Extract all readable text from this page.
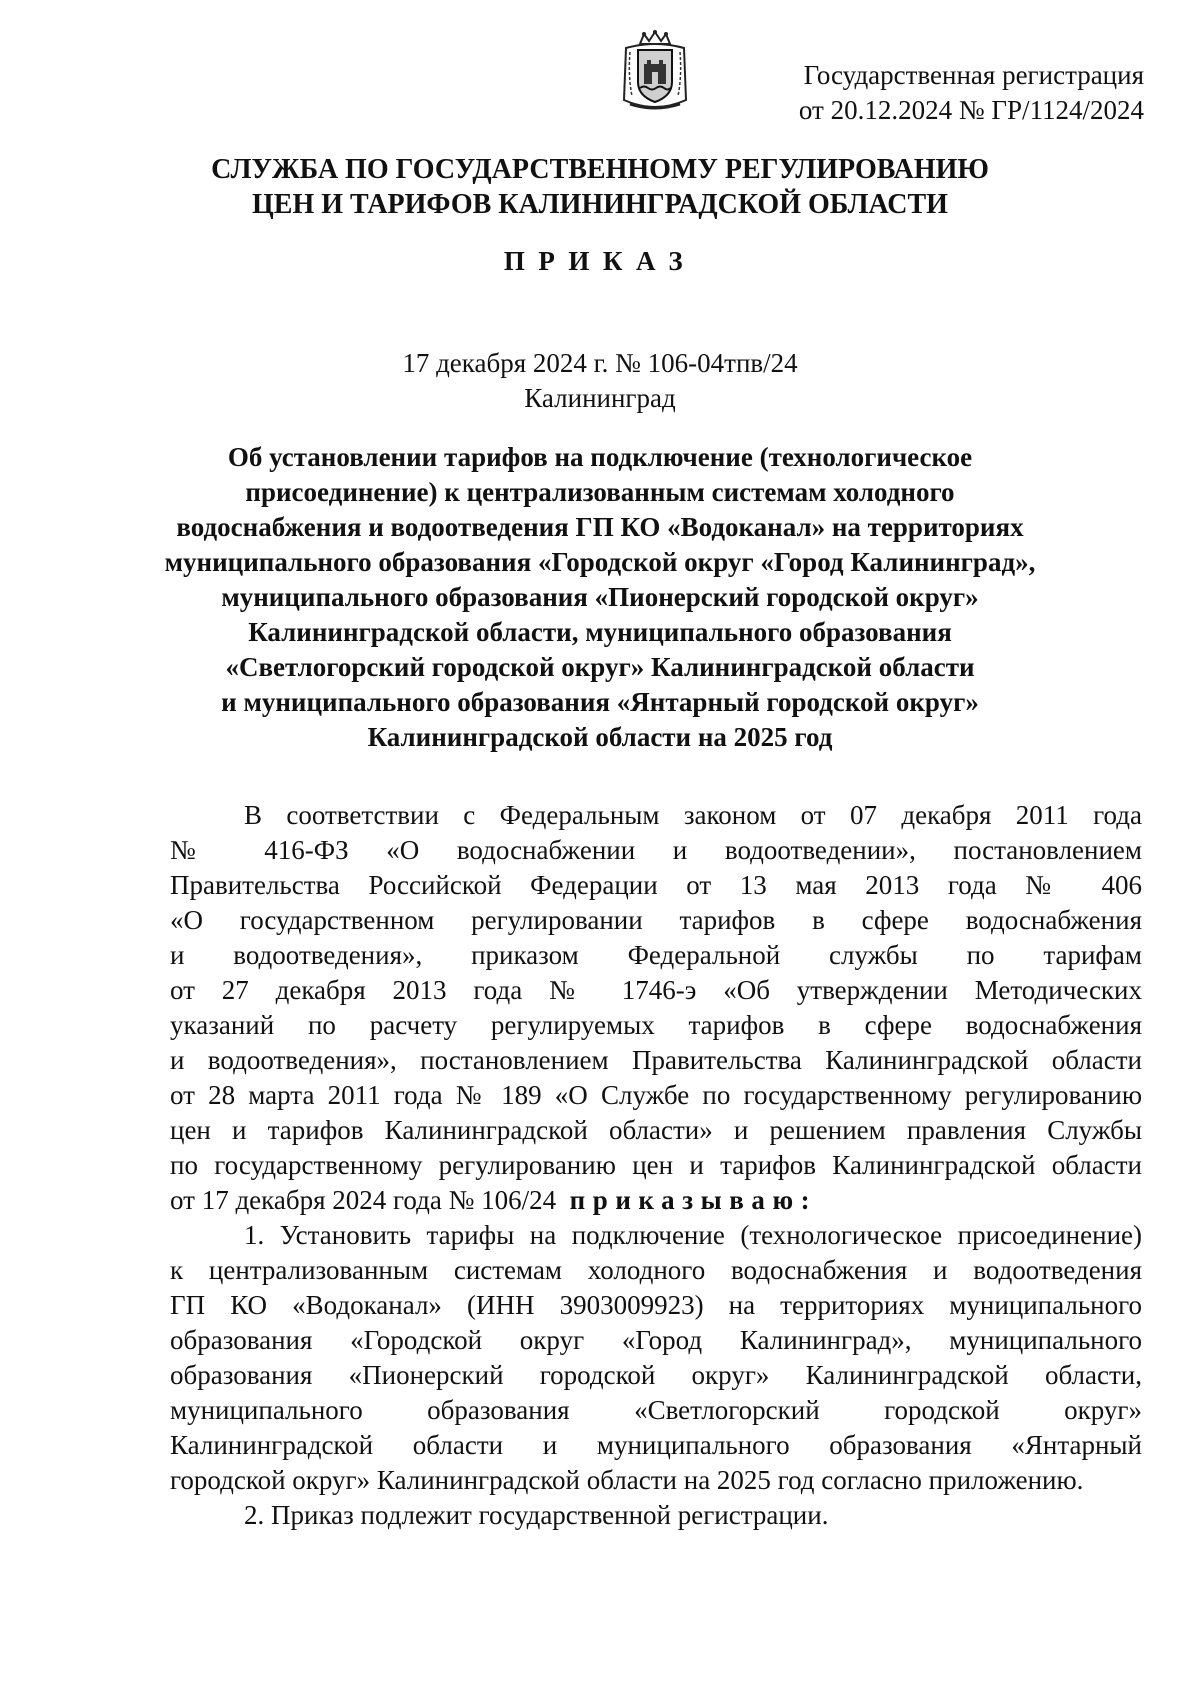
Государственная регистрация
от 20.12.2024 № ГР/1124/2024
СЛУЖБА ПО ГОСУДАРСТВЕННОМУ РЕГУЛИРОВАНИЮ
ЦЕН И ТАРИФОВ КАЛИНИНГРАДСКОЙ ОБЛАСТИ
ПРИКАЗ
17 декабря 2024 г. № 106-04тпв/24
Калининград
Об установлении тарифов на подключение (технологическое
присоединение) к централизованным системам холодного
водоснабжения и водоотведения ГП КО «Водоканал» на территориях
муниципального образования «Городской округ «Город Калининград»,
муниципального образования «Пионерский городской округ»
Калининградской области, муниципального образования
«Светлогорский городской округ» Калининградской области
и муниципального образования «Янтарный городской округ»
Калининградской области на 2025 год
В соответствии с Федеральным законом от 07 декабря 2011 года
№ 416-ФЗ «О водоснабжении и водоотведении», постановлением
Правительства Российской Федерации от 13 мая 2013 года № 406
«О государственном регулировании тарифов в сфере водоснабжения
и водоотведения», приказом Федеральной службы по тарифам
от 27 декабря 2013 года № 1746-э «Об утверждении Методических
указаний по расчету регулируемых тарифов в сфере водоснабжения
и водоотведения», постановлением Правительства Калининградской области
от 28 марта 2011 года № 189 «О Службе по государственному регулированию
цен и тарифов Калининградской области» и решением правления Службы
по государственному регулированию цен и тарифов Калининградской области
от 17 декабря 2024 года № 106/24 приказываю:
1. Установить тарифы на подключение (технологическое присоединение)
к централизованным системам холодного водоснабжения и водоотведения
ГП КО «Водоканал» (ИНН 3903009923) на территориях муниципального
образования «Городской округ «Город Калининград», муниципального
образования «Пионерский городской округ» Калининградской области,
муниципального образования «Светлогорский городской округ»
Калининградской области и муниципального образования «Янтарный
городской округ» Калининградской области на 2025 год согласно приложению.
2. Приказ подлежит государственной регистрации.
